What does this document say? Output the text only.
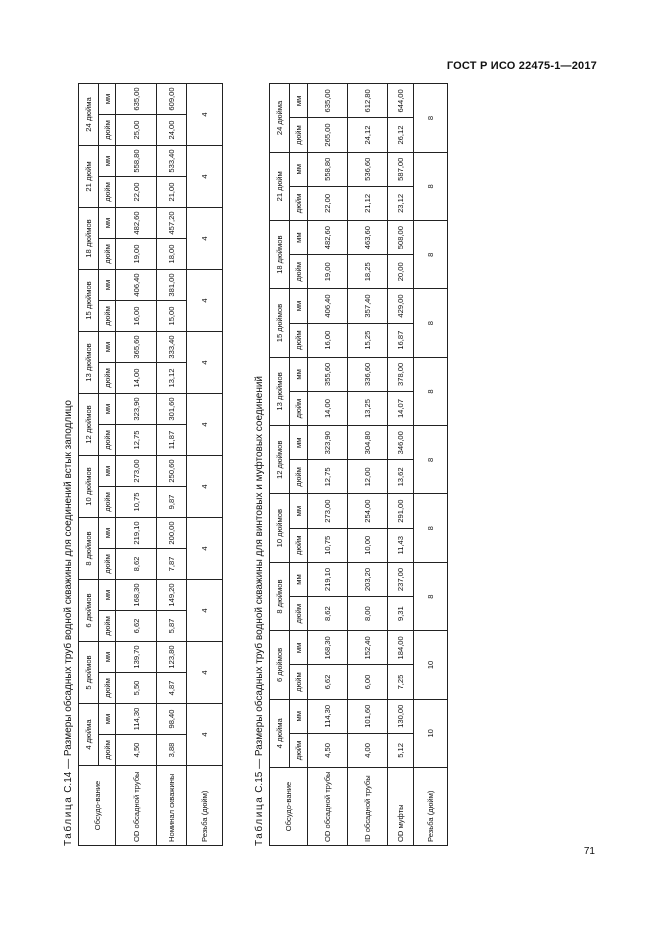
ГОСТ Р ИСО 22475-1—2017
Таблица С.14 — Размеры обсадных труб водной скважины для соединений встык заподлицо
Обсудо-вание	4 дюйма		5 дюймов		6 дюймов		8 дюймов		10 дюймов		12 дюймов		13 дюймов		15 дюймов		18 дюймов		21 дюйм		24 дюйма	
	дюйм	мм	дюйм	мм	дюйм	мм	дюйм	мм	дюйм	мм	дюйм	мм	дюйм	мм	дюйм	мм	дюйм	мм	дюйм	мм	дюйм	мм
OD обсадной трубы	4,50	114,30	5,50	139,70	6,62	168,30	8,62	219,10	10,75	273,00	12,75	323,90	14,00	365,60	16,00	406,40	19,00	482,60	22,00	558,80	25,00	635,00
Номинал скважины	3,88	98,40	4,87	123,80	5,87	149,20	7,87	200,00	9,87	250,60	11,87	301,60	13,12	333,40	15,00	381,00	18,00	457,20	21,00	533,40	24,00	609,00
Резьба (дюйм)	4		4		4		4		4		4		4		4		4		4		4	
Таблица С.15 — Размеры обсадных труб водной скважины для винтовых и муфтовых соединений
Обсудо-вание	4 дюйма		6 дюймов		8 дюймов		10 дюймов		12 дюймов		13 дюймов		15 дюймов		18 дюймов		21 дюйм		24 дюйма	
	дюйм	мм	дюйм	мм	дюйм	мм	дюйм	мм	дюйм	мм	дюйм	мм	дюйм	мм	дюйм	мм	дюйм	мм	дюйм	мм
OD обсадной трубы	4,50	114,30	6,62	168,30	8,62	219,10	10,75	273,00	12,75	323,90	14,00	355,60	16,00	406,40	19,00	482,60	22,00	558,80	265,00	635,00
ID обсадной трубы	4,00	101,60	6,00	152,40	8,00	203,20	10,00	254,00	12,00	304,80	13,25	336,60	15,25	357,40	18,25	463,60	21,12	536,60	24,12	612,80
OD муфты	5,12	130,00	7,25	184,00	9,31	237,00	11,43	291,00	13,62	346,00	14,07	378,00	16,87	429,00	20,00	508,00	23,12	587,00	26,12	644,00
Резьба (дюйм)	10		10		8		8		8		8		8		8		8		8	
71
